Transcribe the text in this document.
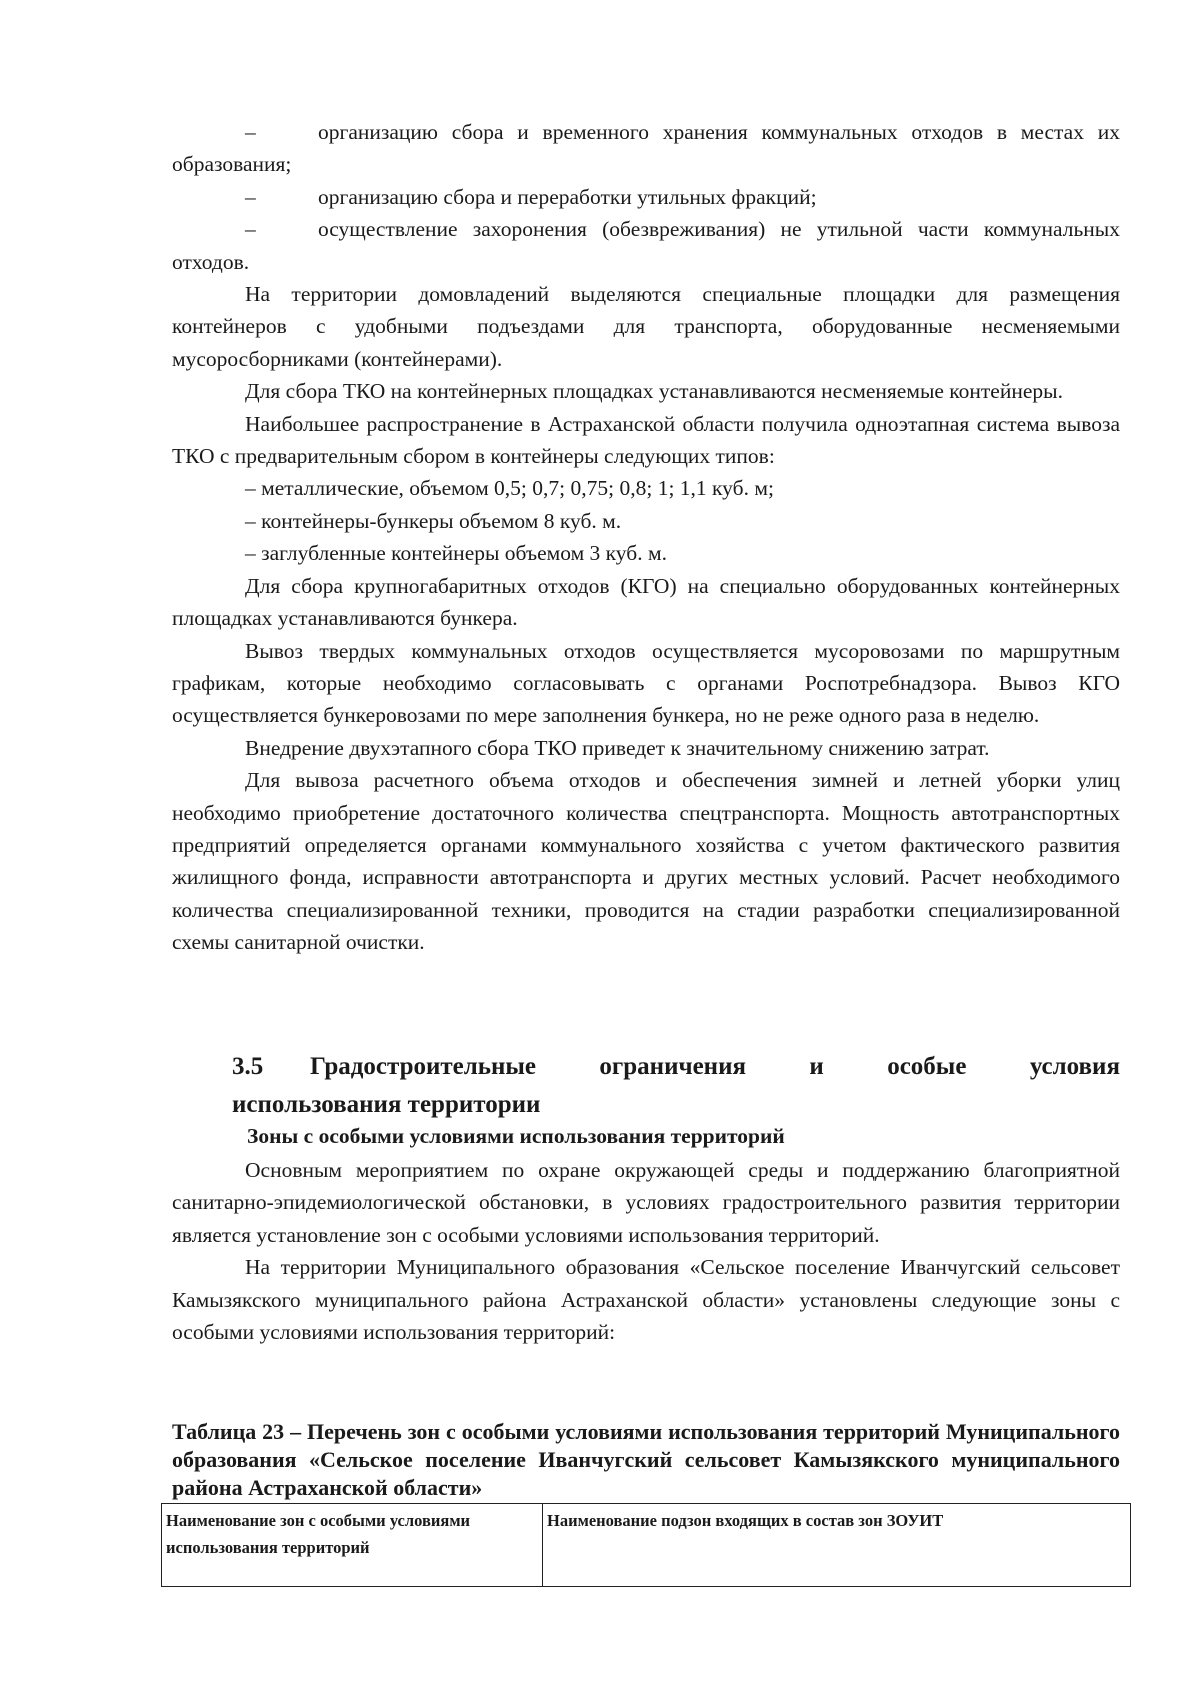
–	организацию сбора и временного хранения коммунальных отходов в местах их образования;
–	организацию сбора и переработки утильных фракций;
–	осуществление захоронения (обезвреживания) не утильной части коммунальных отходов.

На территории домовладений выделяются специальные площадки для размещения контейнеров с удобными подъездами для транспорта, оборудованные несменяемыми мусоросборниками (контейнерами).

Для сбора ТКО на контейнерных площадках устанавливаются несменяемые контейнеры.

Наибольшее распространение в Астраханской области получила одноэтапная система вывоза ТКО с предварительным сбором в контейнеры следующих типов:

– металлические, объемом 0,5; 0,7; 0,75; 0,8; 1; 1,1 куб. м;

– контейнеры-бункеры объемом 8 куб. м.

– заглубленные контейнеры объемом 3 куб. м.

Для сбора крупногабаритных отходов (КГО) на специально оборудованных контейнерных площадках устанавливаются бункера.

Вывоз твердых коммунальных отходов осуществляется мусоровозами по маршрутным графикам, которые необходимо согласовывать с органами Роспотребнадзора. Вывоз КГО осуществляется бункеровозами по мере заполнения бункера, но не реже одного раза в неделю.

Внедрение двухэтапного сбора ТКО приведет к значительному снижению затрат.

Для вывоза расчетного объема отходов и обеспечения зимней и летней уборки улиц необходимо приобретение достаточного количества спецтранспорта. Мощность автотранспортных предприятий определяется органами коммунального хозяйства с учетом фактического развития жилищного фонда, исправности автотранспорта и других местных условий. Расчет необходимого количества специализированной техники, проводится на стадии разработки специализированной схемы санитарной очистки.

3.5 Градостроительные	ограничения	и	особые	условия
использования территории
Зоны с особыми условиями использования территорий

Основным мероприятием по охране окружающей среды и поддержанию благоприятной санитарно-эпидемиологической обстановки, в условиях градостроительного развития территории является установление зон с особыми условиями использования территорий.

На территории Муниципального образования «Сельское поселение Иванчугский сельсовет Камызякского муниципального района Астраханской области» установлены следующие зоны с особыми условиями использования территорий:

Таблица 23 – Перечень зон с особыми условиями использования территорий Муниципального образования «Сельское поселение Иванчугский сельсовет Камызякского муниципального района Астраханской области»
Наименование зон с особыми условиями использования территорий	Наименование подзон входящих в состав зон ЗОУИТ
